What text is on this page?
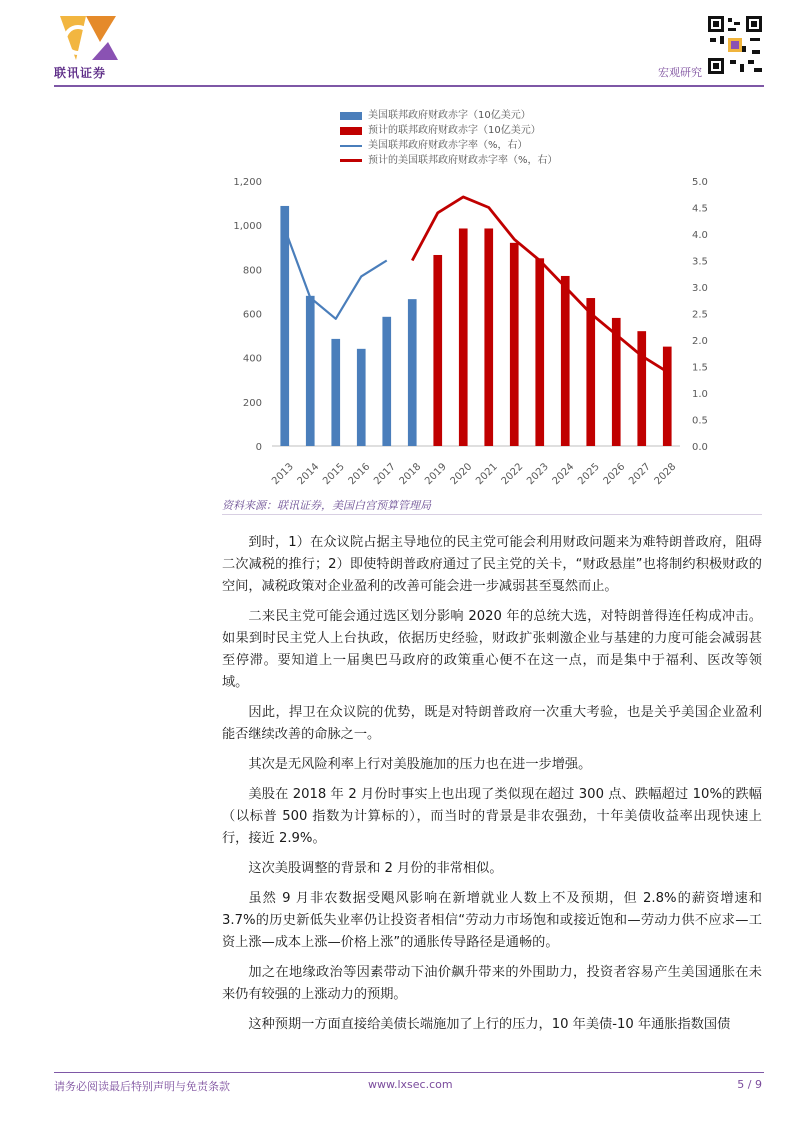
联讯证券	宏观研究
美国联邦政府财政赤字（10亿美元）
预计的联邦政府财政赤字（10亿美元）
美国联邦政府财政赤字率（%，右）
预计的美国联邦政府财政赤字率（%，右）
0
200
400
600
800
1,000
1,200
0.0
0.5
1.0
1.5
2.0
2.5
3.0
3.5
4.0
4.5
5.0
2013 2014 2015 2016 2017 2018 2019 2020 2021 2022 2023 2024 2025 2026 2027 2028
资料来源：联讯证券，美国白宫预算管理局

到时，1）在众议院占据主导地位的民主党可能会利用财政问题来为难特朗普政府，阻碍二次减税的推行；2）即使特朗普政府通过了民主党的关卡，“财政悬崖”也将制约积极财政的空间，减税政策对企业盈利的改善可能会进一步减弱甚至戛然而止。

二来民主党可能会通过选区划分影响 2020 年的总统大选，对特朗普得连任构成冲击。如果到时民主党人上台执政，依据历史经验，财政扩张刺激企业与基建的力度可能会减弱甚至停滞。要知道上一届奥巴马政府的政策重心便不在这一点，而是集中于福利、医改等领域。

因此，捍卫在众议院的优势，既是对特朗普政府一次重大考验，也是关乎美国企业盈利能否继续改善的命脉之一。

其次是无风险利率上行对美股施加的压力也在进一步增强。

美股在 2018 年 2 月份时事实上也出现了类似现在超过 300 点、跌幅超过 10%的跌幅（以标普 500 指数为计算标的），而当时的背景是非农强劲，十年美债收益率出现快速上行，接近 2.9%。

这次美股调整的背景和 2 月份的非常相似。

虽然 9 月非农数据受飓风影响在新增就业人数上不及预期，但 2.8%的薪资增速和 3.7%的历史新低失业率仍让投资者相信“劳动力市场饱和或接近饱和—劳动力供不应求—工资上涨—成本上涨—价格上涨”的通胀传导路径是通畅的。

加之在地缘政治等因素带动下油价飙升带来的外围助力，投资者容易产生美国通胀在未来仍有较强的上涨动力的预期。

这种预期一方面直接给美债长端施加了上行的压力，10 年美债-10 年通胀指数国债

请务必阅读最后特别声明与免责条款	www.lxsec.com	5 / 9
